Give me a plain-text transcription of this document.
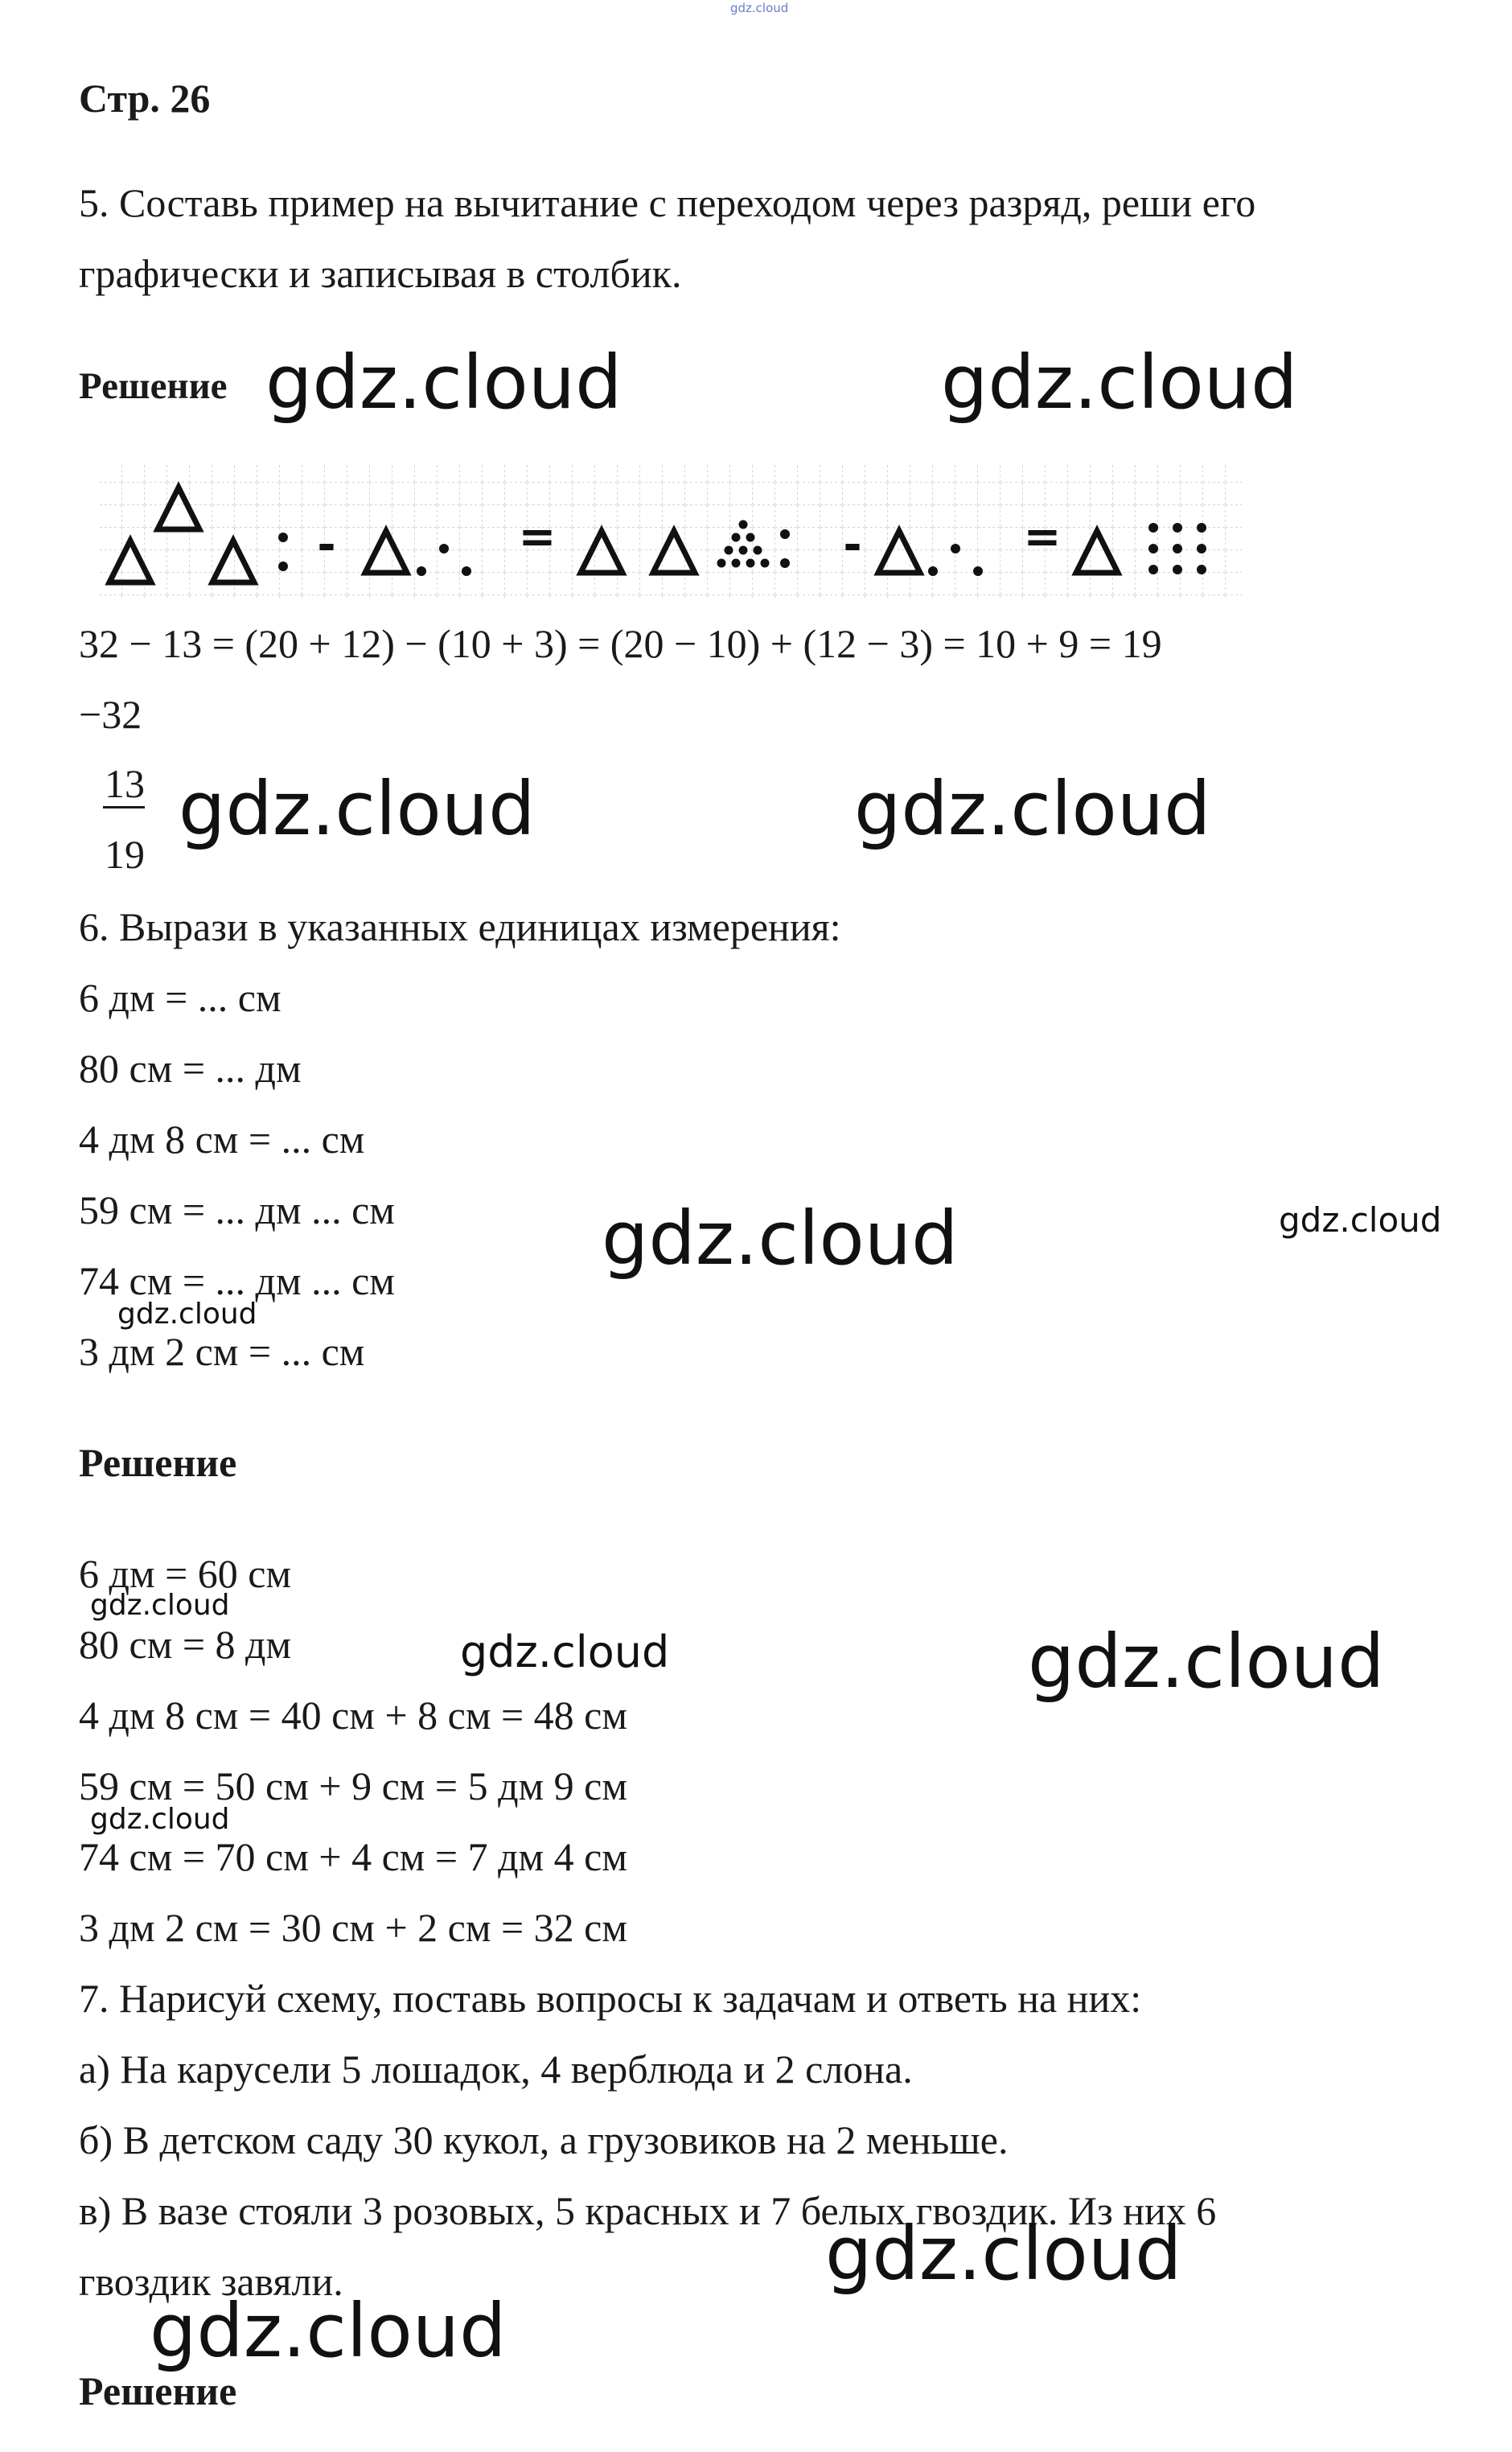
gdz.cloud
Стр. 26
5. Составь пример на вычитание с переходом через разряд, реши его
графически и записывая в столбик.
Решение gdz.cloud	gdz.cloud
-	=	-	=
32 − 13 = (20 + 12) − (10 + 3) = (20 − 10) + (12 − 3) = 10 + 9 = 19
−32
13
19
gdz.cloud	gdz.cloud
6. Вырази в указанных единицах измерения:
6 дм = ... см
80 см = ... дм
4 дм 8 см = ... см
59 см = ... дм ... см
74 см = ... дм ... см
3 дм 2 см = ... см
gdz.cloud	gdz.cloud
gdz.cloud
Решение
6 дм = 60 см
80 см = 8 дм
4 дм 8 см = 40 см + 8 см = 48 см
59 см = 50 см + 9 см = 5 дм 9 см
74 см = 70 см + 4 см = 7 дм 4 см
3 дм 2 см = 30 см + 2 см = 32 см
gdz.cloud
gdz.cloud	gdz.cloud
gdz.cloud
7. Нарисуй схему, поставь вопросы к задачам и ответь на них:
а) На карусели 5 лошадок, 4 верблюда и 2 слона.
б) В детском саду 30 кукол, а грузовиков на 2 меньше.
в) В вазе стояли 3 розовых, 5 красных и 7 белых гвоздик. Из них 6
гвоздик завяли.	gdz.cloud
gdz.cloud
Решение
